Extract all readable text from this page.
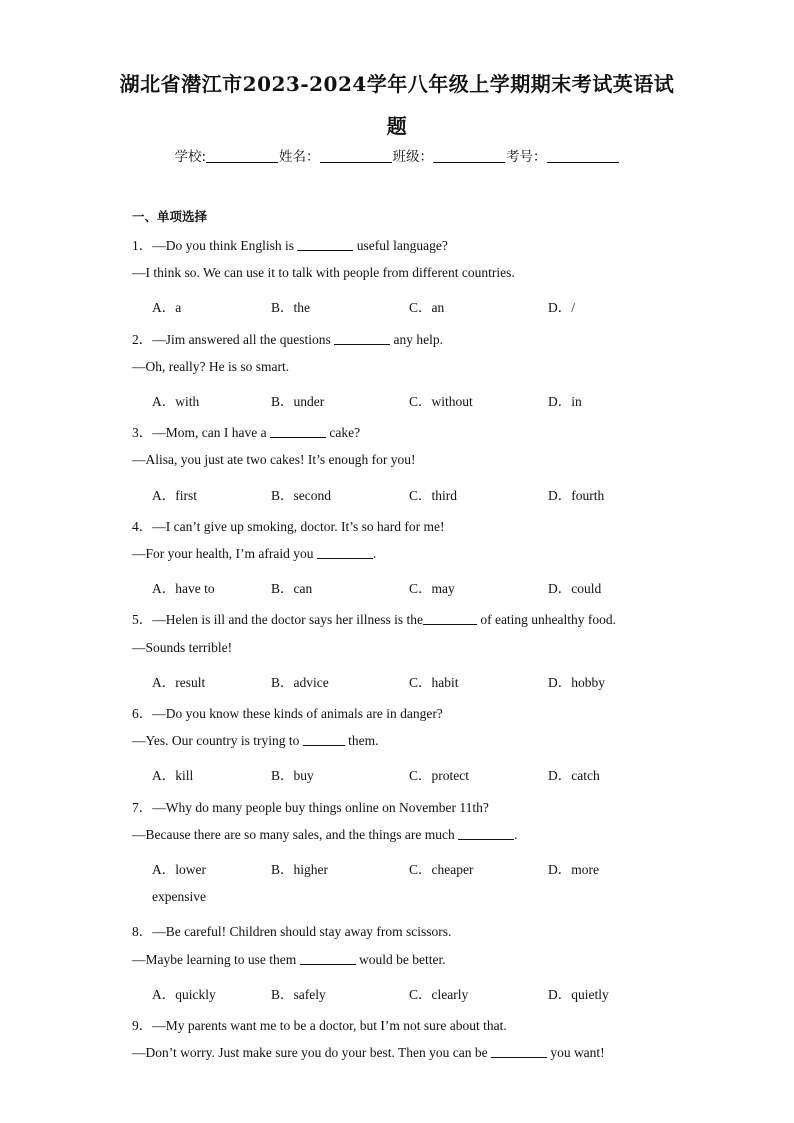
湖北省潜江市2023-2024学年八年级上学期期末考试英语试
题
学校:	姓名：	班级：	考号：
一、单项选择
1．—Do you think English is	useful language?
—I think so. We can use it to talk with people from different countries.
A．a	B．the	C．an	D．/
2．—Jim answered all the questions	any help.
—Oh, really? He is so smart.
A．with	B．under	C．without	D．in
3．—Mom, can I have a	cake?
—Alisa, you just ate two cakes! It’s enough for you!
A．first	B．second	C．third	D．fourth
4．—I can’t give up smoking, doctor. It’s so hard for me!
—For your health, I’m afraid you	.
A．have to	B．can	C．may	D．could
5．—Helen is ill and the doctor says her illness is the	of eating unhealthy food.
—Sounds terrible!
A．result	B．advice	C．habit	D．hobby
6．—Do you know these kinds of animals are in danger?
—Yes. Our country is trying to	them.
A．kill	B．buy	C．protect	D．catch
7．—Why do many people buy things online on November 11th?
—Because there are so many sales, and the things are much	.
A．lower	B．higher	C．cheaper	D．more
expensive
8．—Be careful! Children should stay away from scissors.
—Maybe learning to use them	would be better.
A．quickly	B．safely	C．clearly	D．quietly
9．—My parents want me to be a doctor, but I’m not sure about that.
—Don’t worry. Just make sure you do your best. Then you can be	you want!
